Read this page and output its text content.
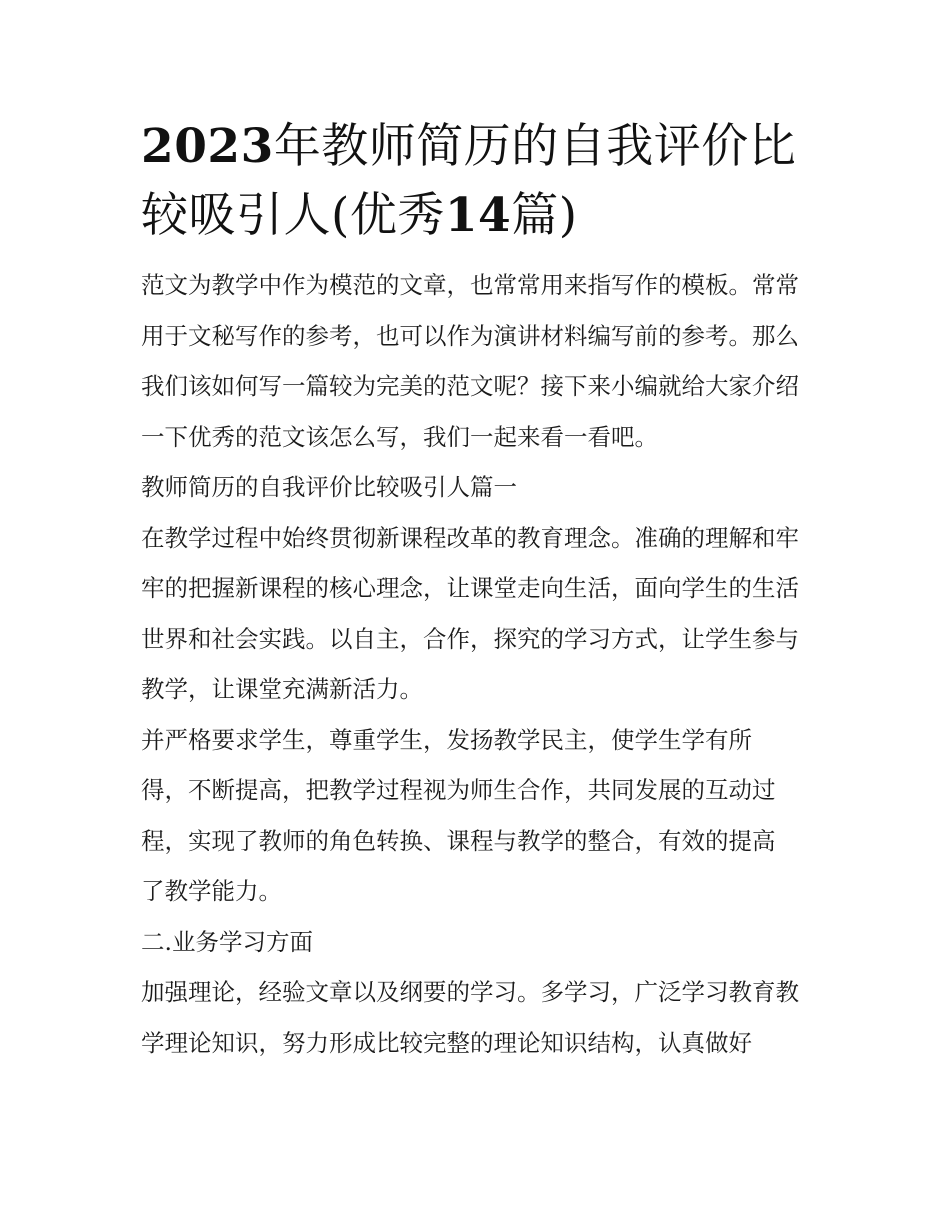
2023年教师简历的自我评价比
较吸引人(优秀14篇)

范文为教学中作为模范的文章，也常常用来指写作的模板。常常用于文秘写作的参考，也可以作为演讲材料编写前的参考。那么我们该如何写一篇较为完美的范文呢？接下来小编就给大家介绍一下优秀的范文该怎么写，我们一起来看一看吧。

教师简历的自我评价比较吸引人篇一

在教学过程中始终贯彻新课程改革的教育理念。准确的理解和牢牢的把握新课程的核心理念，让课堂走向生活，面向学生的生活世界和社会实践。以自主，合作，探究的学习方式，让学生参与教学，让课堂充满新活力。

并严格要求学生，尊重学生，发扬教学民主，使学生学有所得，不断提高，把教学过程视为师生合作，共同发展的互动过程，实现了教师的角色转换、课程与教学的整合，有效的提高了教学能力。

二.业务学习方面

加强理论，经验文章以及纲要的学习。多学习，广泛学习教育教学理论知识，努力形成比较完整的理论知识结构，认真做好
